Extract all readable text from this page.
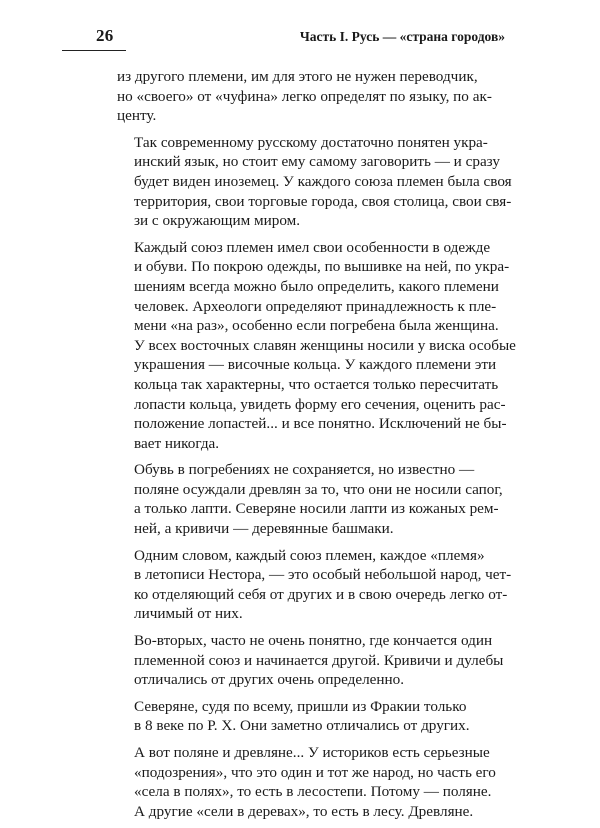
26	Часть I. Русь — «страна городов»

из другого племени, им для этого не нужен переводчик,
но «своего» от «чуфина» легко определят по языку, по ак-
центу.

Так современному русскому достаточно понятен укра-
инский язык, но стоит ему самому заговорить — и сразу
будет виден иноземец. У каждого союза племен была своя
территория, свои торговые города, своя столица, свои свя-
зи с окружающим миром.

Каждый союз племен имел свои особенности в одежде
и обуви. По покрою одежды, по вышивке на ней, по укра-
шениям всегда можно было определить, какого племени
человек. Археологи определяют принадлежность к пле-
мени «на раз», особенно если погребена была женщина.
У всех восточных славян женщины носили у виска особые
украшения — височные кольца. У каждого племени эти
кольца так характерны, что остается только пересчитать
лопасти кольца, увидеть форму его сечения, оценить рас-
положение лопастей... и все понятно. Исключений не бы-
вает никогда.

Обувь в погребениях не сохраняется, но известно —
поляне осуждали древлян за то, что они не носили сапог,
а только лапти. Северяне носили лапти из кожаных рем-
ней, а кривичи — деревянные башмаки.

Одним словом, каждый союз племен, каждое «племя»
в летописи Нестора, — это особый небольшой народ, чет-
ко отделяющий себя от других и в свою очередь легко от-
личимый от них.

Во-вторых, часто не очень понятно, где кончается один
племенной союз и начинается другой. Кривичи и дулебы
отличались от других очень определенно.

Северяне, судя по всему, пришли из Фракии только
в 8 веке по Р. Х. Они заметно отличались от других.

А вот поляне и древляне... У историков есть серьезные
«подозрения», что это один и тот же народ, но часть его
«села в полях», то есть в лесостепи. Потому — поляне.
А другие «сели в деревах», то есть в лесу. Древляне.
